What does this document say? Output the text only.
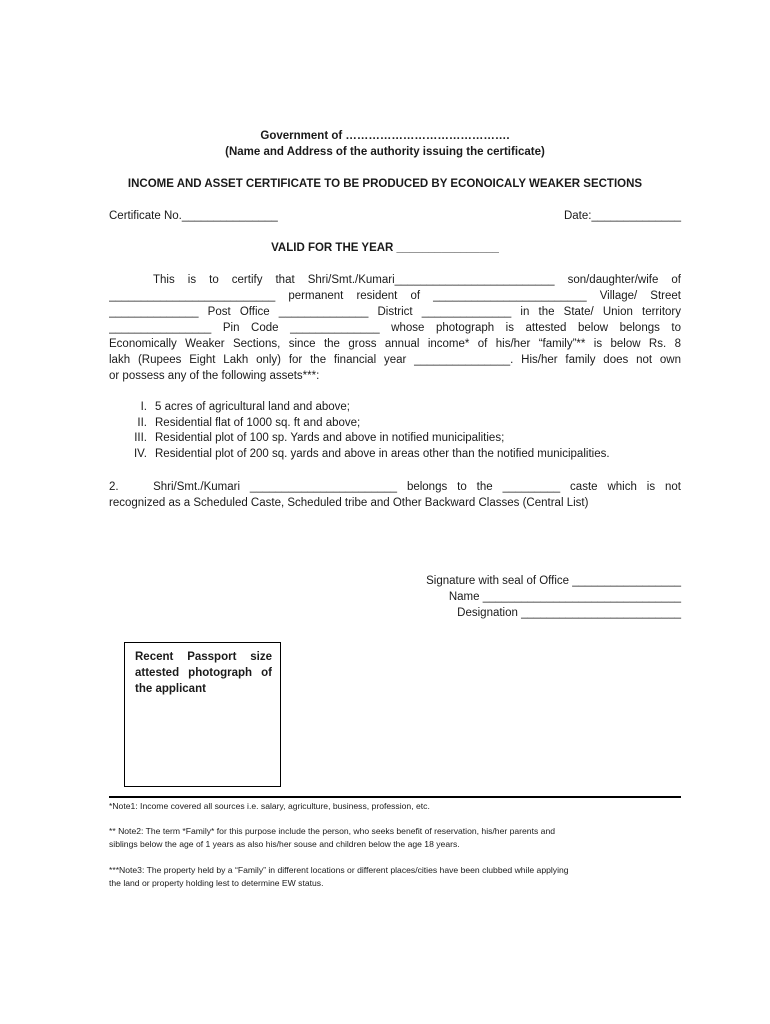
Government of …………………………………….
(Name and Address of the authority issuing the certificate)
INCOME AND ASSET CERTIFICATE TO BE PRODUCED BY ECONOICALY WEAKER SECTIONS
Certificate No._______________	Date:______________
VALID FOR THE YEAR ________________
This is to certify that Shri/Smt./Kumari_________________________ son/daughter/wife of
__________________________ permanent resident of ________________________ Village/ Street
______________ Post Office ______________ District ______________ in the State/ Union territory
________________ Pin Code ______________ whose photograph is attested below belongs to
Economically Weaker Sections, since the gross annual income* of his/her “family”** is below Rs. 8
lakh (Rupees Eight Lakh only) for the financial year _______________. His/her family does not own
or possess any of the following assets***:
I. 5 acres of agricultural land and above;
II. Residential flat of 1000 sq. ft and above;
III. Residential plot of 100 sp. Yards and above in notified municipalities;
IV. Residential plot of 200 sq. yards and above in areas other than the notified municipalities.
2.   Shri/Smt./Kumari _______________________ belongs to the _________ caste which is not
recognized as a Scheduled Caste, Scheduled tribe and Other Backward Classes (Central List)
Signature with seal of Office _________________
Name _______________________________
Designation _________________________
Recent Passport size attested photograph of the applicant
*Note1: Income covered all sources i.e. salary, agriculture, business, profession, etc.
** Note2: The term *Family* for this purpose include the person, who seeks benefit of reservation, his/her parents and
siblings below the age of 1 years as also his/her souse and children below the age 18 years.
***Note3: The property held by a “Family” in different locations or different places/cities have been clubbed while applying
the land or property holding lest to determine EW status.
